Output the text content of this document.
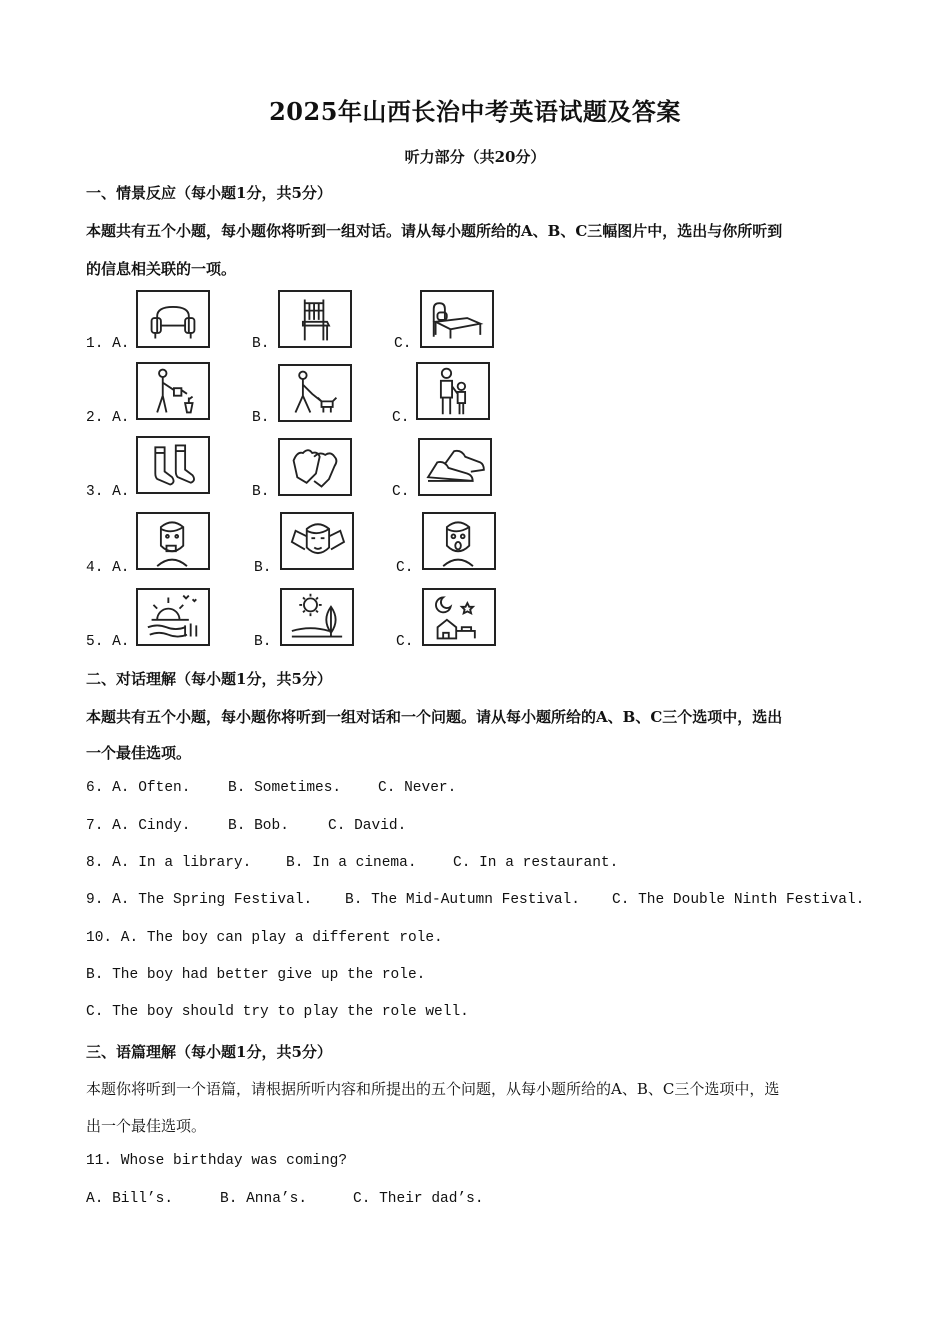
2025年山西长治中考英语试题及答案
听力部分（共20分）
一、情景反应（每小题1分，共5分）
本题共有五个小题，每小题你将听到一组对话。请从每小题所给的A、B、C三幅图片中，选出与你所听到
的信息相关联的一项。
1. A.	B.	C.
2. A.	B.	C.
3. A.	B.	C.
4. A.	B.	C.
5. A.	B.	C.
二、对话理解（每小题1分，共5分）
本题共有五个小题，每小题你将听到一组对话和一个问题。请从每小题所给的A、B、C三个选项中，选出
一个最佳选项。
6. A. Often.	B. Sometimes.	C. Never.
7. A. Cindy.	B. Bob.	C. David.
8. A. In a library. B. In a cinema.	C. In a restaurant.
9. A. The Spring Festival. B. The Mid-Autumn Festival. C. The Double Ninth Festival.
10. A. The boy can play a different role.
B. The boy had better give up the role.
C. The boy should try to play the role well.
三、语篇理解（每小题1分，共5分）
本题你将听到一个语篇，请根据所听内容和所提出的五个问题，从每小题所给的A、B、C三个选项中，选
出一个最佳选项。
11. Whose birthday was coming?
A. Bill’s.	B. Anna’s.	C. Their dad’s.
